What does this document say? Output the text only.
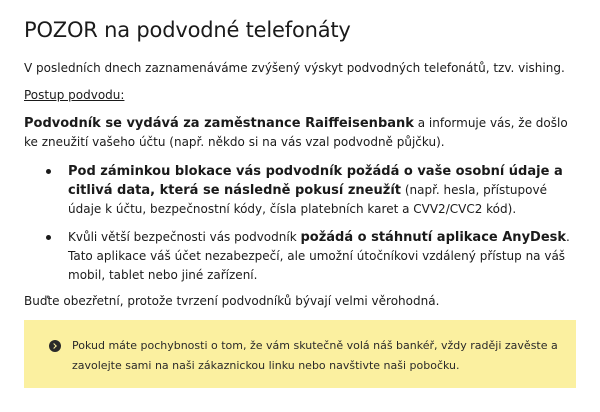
POZOR na podvodné telefonáty

V posledních dnech zaznamenáváme zvýšený výskyt podvodných telefonátů, tzv. vishing.

Postup podvodu:

Podvodník se vydává za zaměstnance Raiffeisenbank a informuje vás, že došlo
ke zneužití vašeho účtu (např. někdo si na vás vzal podvodně půjčku).

Pod záminkou blokace vás podvodník požádá o vaše osobní údaje a citlivá data, která se následně pokusí zneužít (např. hesla, přístupové údaje k účtu, bezpečnostní kódy, čísla platebních karet a CVV2/CVC2 kód).
Kvůli větší bezpečnosti vás podvodník požádá o stáhnutí aplikace AnyDesk. Tato aplikace váš účet nezabezpečí, ale umožní útočníkovi vzdálený přístup na váš mobil, tablet nebo jiné zařízení.

Buďte obezřetní, protože tvrzení podvodníků bývají velmi věrohodná.

Pokud máte pochybnosti o tom, že vám skutečně volá náš bankéř, vždy raději zavěste a zavolejte sami na naši zákaznickou linku nebo navštivte naši pobočku.
